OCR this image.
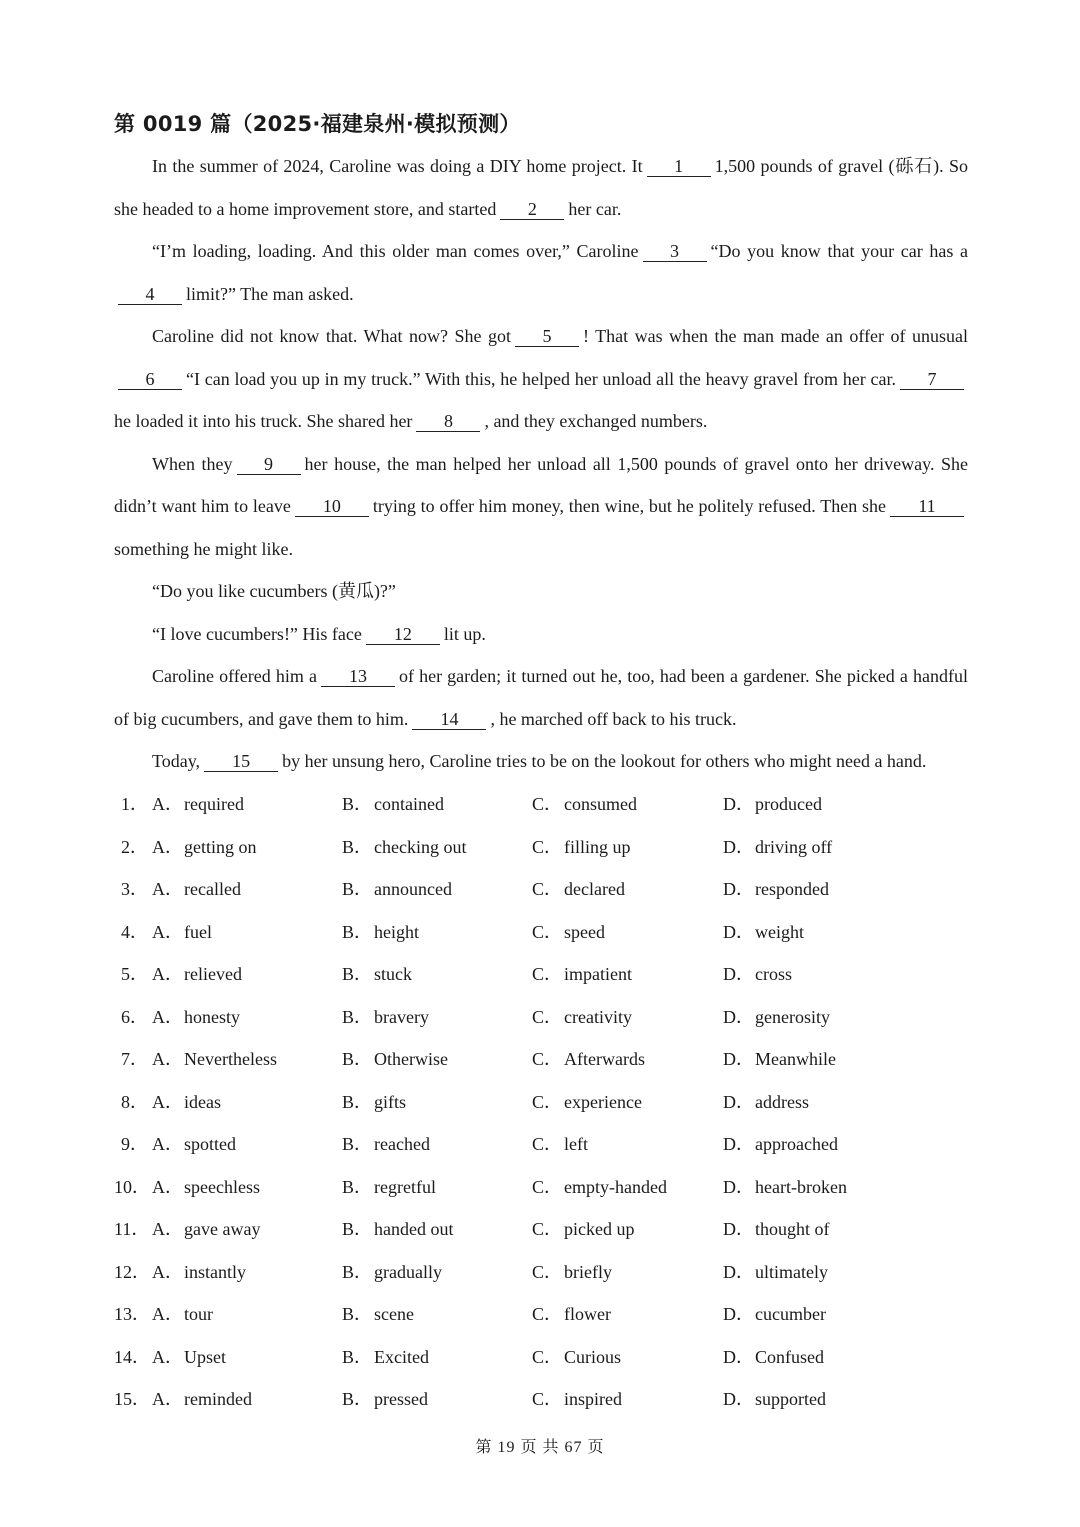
第 0019 篇（2025·福建泉州·模拟预测）

In the summer of 2024, Caroline was doing a DIY home project. It 1 1,500 pounds of gravel (砾石). So she headed to a home improvement store, and started 2 her car.

“I’m loading, loading. And this older man comes over,” Caroline 3 “Do you know that your car has a4 limit?” The man asked.

Caroline did not know that. What now? She got 5 ! That was when the man made an offer of unusual6 “I can load you up in my truck.” With this, he helped her unload all the heavy gravel from her car. 7he loaded it into his truck. She shared her 8 , and they exchanged numbers.

When they 9 her house, the man helped her unload all 1,500 pounds of gravel onto her driveway. She didn’t want him to leave 10 trying to offer him money, then wine, but he politely refused. Then she 11something he might like.

“Do you like cucumbers (黄瓜)?”

“I love cucumbers!” His face 12 lit up.

Caroline offered him a 13 of her garden; it turned out he, too, had been a gardener. She picked a handful of big cucumbers, and gave them to him. 14 , he marched off back to his truck.

Today, 15 by her unsung hero, Caroline tries to be on the lookout for others who might need a hand.

1． A．required	B． contained	C． consumed	D．produced
2． A．getting on	B． checking out	C． filling up	D．driving off
3． A．recalled	B． announced	C． declared	D．responded
4． A．fuel	B． height	C． speed	D．weight
5． A．relieved	B． stuck	C． impatient	D．cross
6． A．honesty	B． bravery	C． creativity	D．generosity
7． A．Nevertheless	B． Otherwise	C． Afterwards	D．Meanwhile
8． A．ideas	B． gifts	C． experience	D．address
9． A．spotted	B． reached	C． left	D．approached
10． A．speechless	B． regretful	C． empty-handed	D．heart-broken
11． A．gave away	B． handed out	C． picked up	D．thought of
12． A．instantly	B． gradually	C． briefly	D．ultimately
13． A．tour	B． scene	C． flower	D．cucumber
14． A．Upset	B． Excited	C． Curious	D．Confused
15． A．reminded	B． pressed	C． inspired	D．supported
第 19 页 共 67 页
